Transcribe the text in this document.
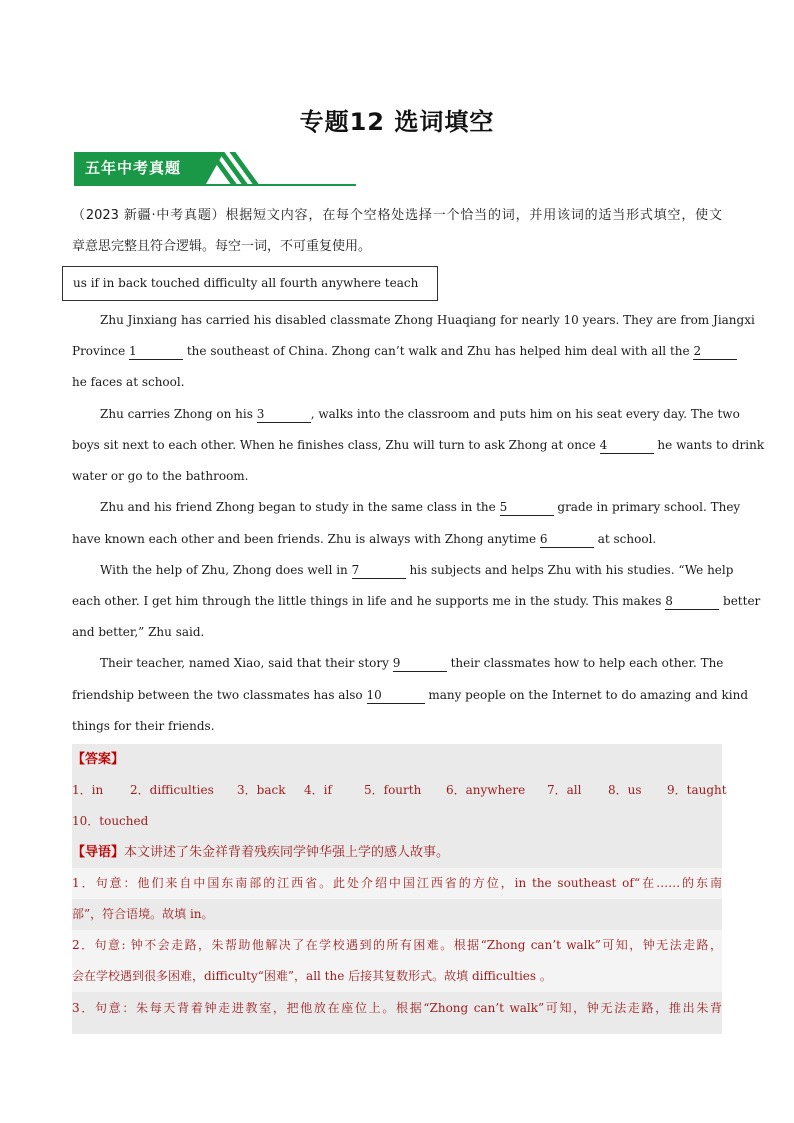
专题12 选词填空
五年中考真题
（2023 新疆·中考真题）根据短文内容，在每个空格处选择一个恰当的词，并用该词的适当形式填空，使文
章意思完整且符合逻辑。每空一词，不可重复使用。
us if in back touched difficulty all fourth anywhere teach
Zhu Jinxiang has carried his disabled classmate Zhong Huaqiang for nearly 10 years. They are from Jiangxi
Province 1	the southeast of China. Zhong can’t walk and Zhu has helped him deal with all the 2
he faces at school.
Zhu carries Zhong on his 3	, walks into the classroom and puts him on his seat every day. The two
boys sit next to each other. When he finishes class, Zhu will turn to ask Zhong at once 4	he wants to drink
water or go to the bathroom.
Zhu and his friend Zhong began to study in the same class in the 5	grade in primary school. They
have known each other and been friends. Zhu is always with Zhong anytime 6	at school.
With the help of Zhu, Zhong does well in 7	his subjects and helps Zhu with his studies. “We help
each other. I get him through the little things in life and he supports me in the study. This makes 8	better
and better,” Zhu said.
Their teacher, named Xiao, said that their story 9	their classmates how to help each other. The
friendship between the two classmates has also 10	many people on the Internet to do amazing and kind
things for their friends.
【答案】
1．in 2．difficulties 3．back 4．if	5．fourth 6．anywhere 7．all 8．us 9．taught
10．touched
【导语】本文讲述了朱金祥背着残疾同学钟华强上学的感人故事。
1．句意：他们来自中国东南部的江西省。此处介绍中国江西省的方位，in the southeast of“在……的东南
部”，符合语境。故填 in。
2．句意: 钟不会走路，朱帮助他解决了在学校遇到的所有困难。根据“Zhong can’t walk”可知，钟无法走路，
会在学校遇到很多困难，difficulty“困难”，all the 后接其复数形式。故填 difficulties 。
3．句意：朱每天背着钟走进教室，把他放在座位上。根据“Zhong can’t walk”可知，钟无法走路，推出朱背
